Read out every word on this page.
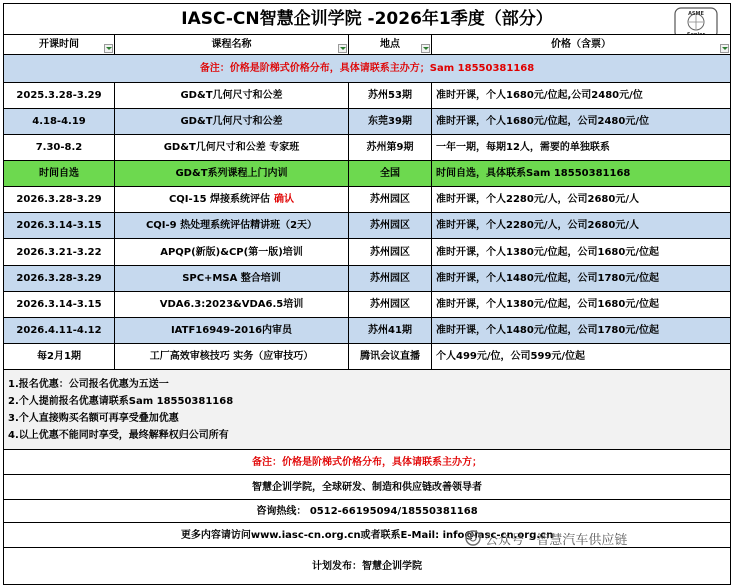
IASC-CN智慧企训学院 -2026年1季度（部分） ASME
Senior			

开课时间	课程名称	地点	价格（含票）

备注：价格是阶梯式价格分布，具体请联系主办方；Sam 18550381168			
2025.3.28-3.29	GD&T几何尺寸和公差	苏州53期	准时开课，个人1680元/位起,公司2480元/位
4.18-4.19	GD&T几何尺寸和公差	东莞39期	准时开课，个人1680元/位起，公司2480元/位
7.30-8.2	GD&T几何尺寸和公差 专家班	苏州第9期	一年一期，每期12人，需要的单独联系
时间自选	GD&T系列课程上门内训	全国	时间自选，具体联系Sam 18550381168
2026.3.28-3.29	CQI-15 焊接系统评估 确认	苏州园区	准时开课，个人2280元/人，公司2680元/人
2026.3.14-3.15	CQI-9 热处理系统评估精讲班（2天）	苏州园区	准时开课，个人2280元/人，公司2680元/人
2026.3.21-3.22	APQP(新版)&CP(第一版)培训	苏州园区	准时开课，个人1380元/位起，公司1680元/位起
2026.3.28-3.29	SPC+MSA 整合培训	苏州园区	准时开课，个人1480元/位起，公司1780元/位起
2026.3.14-3.15	VDA6.3:2023&VDA6.5培训	苏州园区	准时开课，个人1380元/位起，公司1680元/位起
2026.4.11-4.12	IATF16949-2016内审员	苏州41期	准时开课，个人1480元/位起，公司1780元/位起
每2月1期	工厂高效审核技巧 实务（应审技巧）	腾讯会议直播	个人499元/位，公司599元/位起

1.报名优惠：公司报名优惠为五送一
2.个人提前报名优惠请联系Sam 18550381168
3.个人直接购买名额可再享受叠加优惠
4.以上优惠不能同时享受，最终解释权归公司所有			

备注：价格是阶梯式价格分布，具体请联系主办方；			
智慧企训学院，全球研发、制造和供应链改善领导者			
咨询热线： 0512-66195094/18550381168			
更多内容请访问www.iasc-cn.org.cn或者联系E-Mail: info@iasc-cn.org.cn			
计划发布：智慧企训学院			
公众号 · 智慧汽车供应链
